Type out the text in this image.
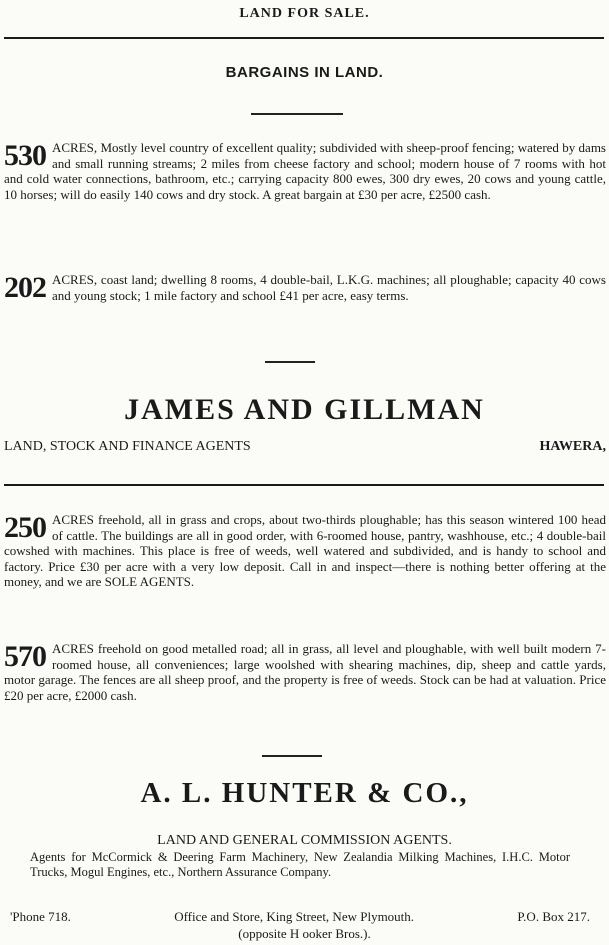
LAND FOR SALE.
BARGAINS IN LAND.
530 ACRES, Mostly level country of excellent quality; subdivided with sheep-proof fencing; watered by dams and small running streams; 2 miles from cheese factory and school; modern house of 7 rooms with hot and cold water connections, bathroom, etc.; carrying capacity 800 ewes, 300 dry ewes, 20 cows and young cattle, 10 horses; will do easily 140 cows and dry stock. A great bargain at £30 per acre, £2500 cash.
202 ACRES, coast land; dwelling 8 rooms, 4 double-bail, L.K.G. machines; all ploughable; capacity 40 cows and young stock; 1 mile factory and school £41 per acre, easy terms.
JAMES AND GILLMAN
LAND, STOCK AND FINANCE AGENTS	HAWERA,
250 ACRES freehold, all in grass and crops, about two-thirds ploughable; has this season wintered 100 head of cattle. The buildings are all in good order, with 6-roomed house, pantry, washhouse, etc.; 4 double-bail cowshed with machines. This place is free of weeds, well watered and subdivided, and is handy to school and factory. Price £30 per acre with a very low deposit. Call in and inspect—there is nothing better offering at the money, and we are SOLE AGENTS.
570 ACRES freehold on good metalled road; all in grass, all level and ploughable, with well built modern 7-roomed house, all conveniences; large woolshed with shearing machines, dip, sheep and cattle yards, motor garage. The fences are all sheep proof, and the property is free of weeds. Stock can be had at valuation. Price £20 per acre, £2000 cash.
A. L. HUNTER & CO.,
LAND AND GENERAL COMMISSION AGENTS.
Agents for McCormick & Deering Farm Machinery, New Zealandia Milking Machines, I.H.C. Motor Trucks, Mogul Engines, etc., Northern Assurance Company.
'Phone 718.	Office and Store, King Street, New Plymouth.	P.O. Box 217.
(opposite H ooker Bros.).
